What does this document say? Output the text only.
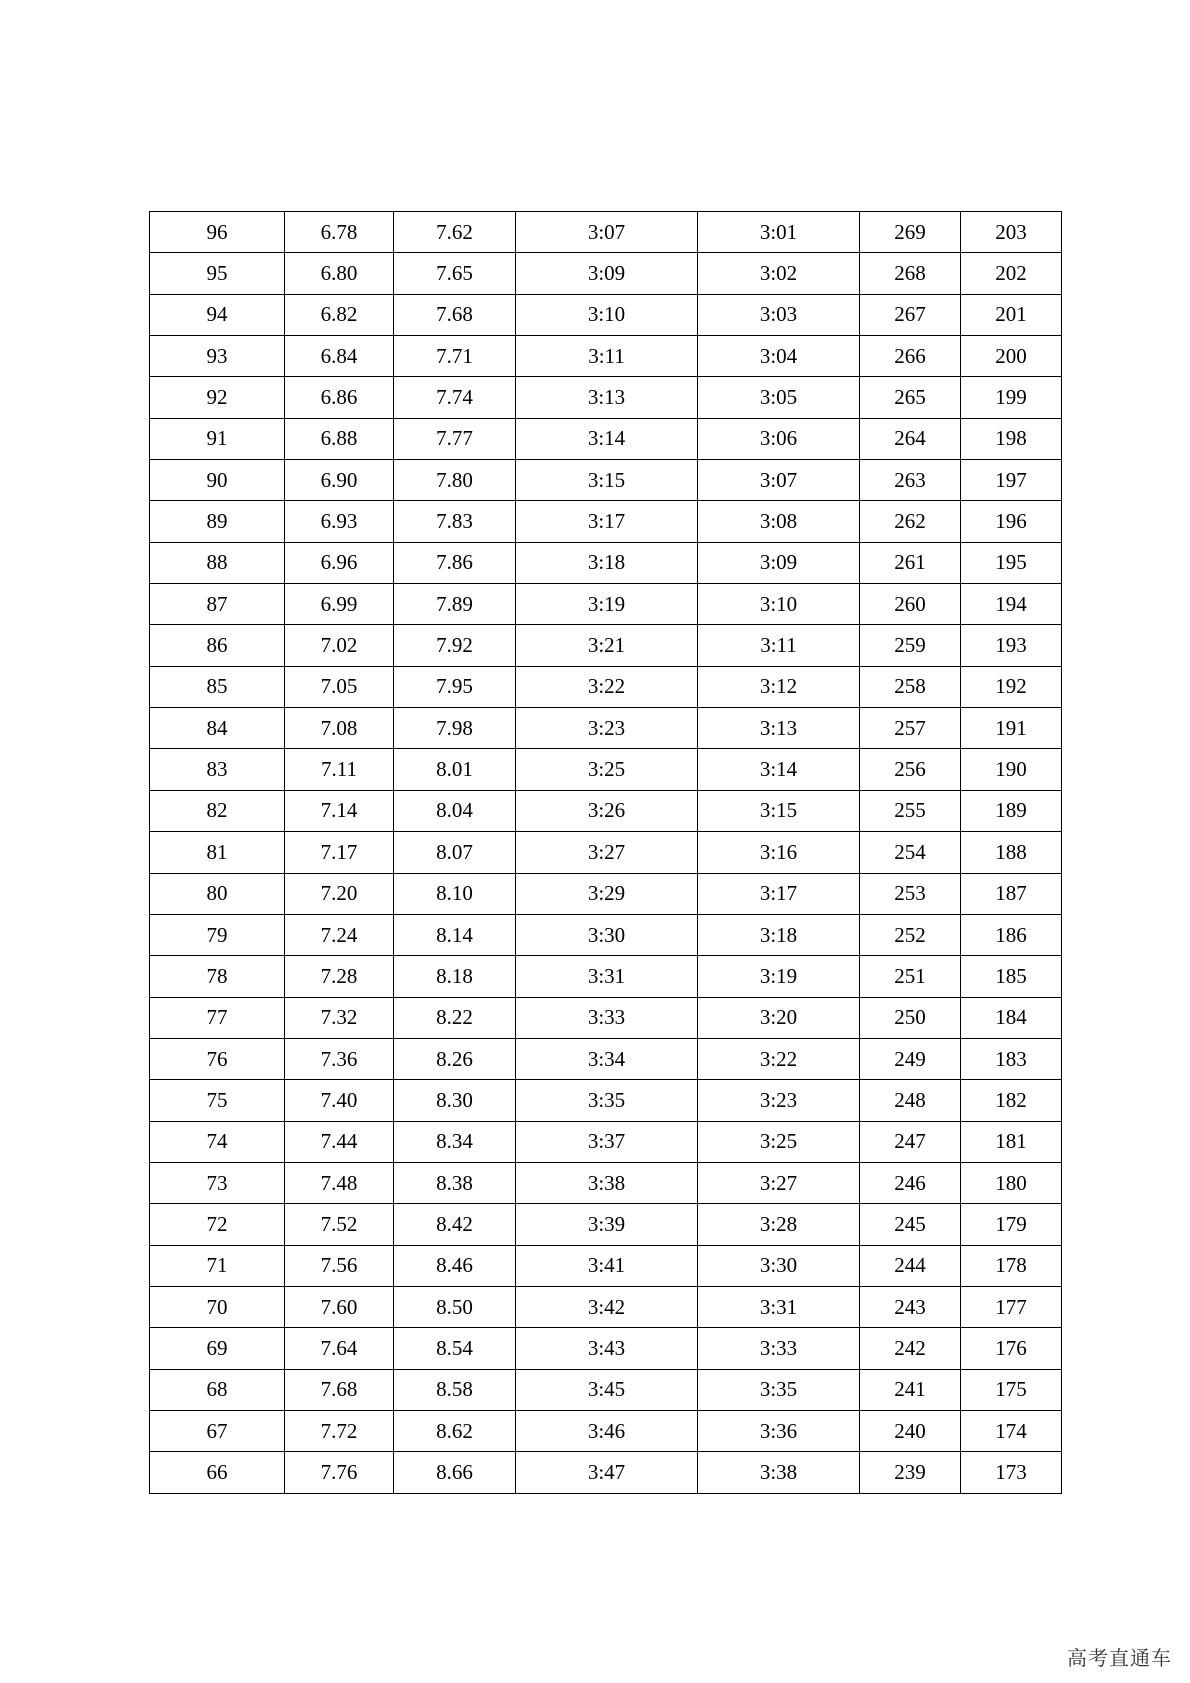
96	6.78	7.62	3:07	3:01	269	203
95	6.80	7.65	3:09	3:02	268	202
94	6.82	7.68	3:10	3:03	267	201
93	6.84	7.71	3:11	3:04	266	200
92	6.86	7.74	3:13	3:05	265	199
91	6.88	7.77	3:14	3:06	264	198
90	6.90	7.80	3:15	3:07	263	197
89	6.93	7.83	3:17	3:08	262	196
88	6.96	7.86	3:18	3:09	261	195
87	6.99	7.89	3:19	3:10	260	194
86	7.02	7.92	3:21	3:11	259	193
85	7.05	7.95	3:22	3:12	258	192
84	7.08	7.98	3:23	3:13	257	191
83	7.11	8.01	3:25	3:14	256	190
82	7.14	8.04	3:26	3:15	255	189
81	7.17	8.07	3:27	3:16	254	188
80	7.20	8.10	3:29	3:17	253	187
79	7.24	8.14	3:30	3:18	252	186
78	7.28	8.18	3:31	3:19	251	185
77	7.32	8.22	3:33	3:20	250	184
76	7.36	8.26	3:34	3:22	249	183
75	7.40	8.30	3:35	3:23	248	182
74	7.44	8.34	3:37	3:25	247	181
73	7.48	8.38	3:38	3:27	246	180
72	7.52	8.42	3:39	3:28	245	179
71	7.56	8.46	3:41	3:30	244	178
70	7.60	8.50	3:42	3:31	243	177
69	7.64	8.54	3:43	3:33	242	176
68	7.68	8.58	3:45	3:35	241	175
67	7.72	8.62	3:46	3:36	240	174
66	7.76	8.66	3:47	3:38	239	173
高考直通车
